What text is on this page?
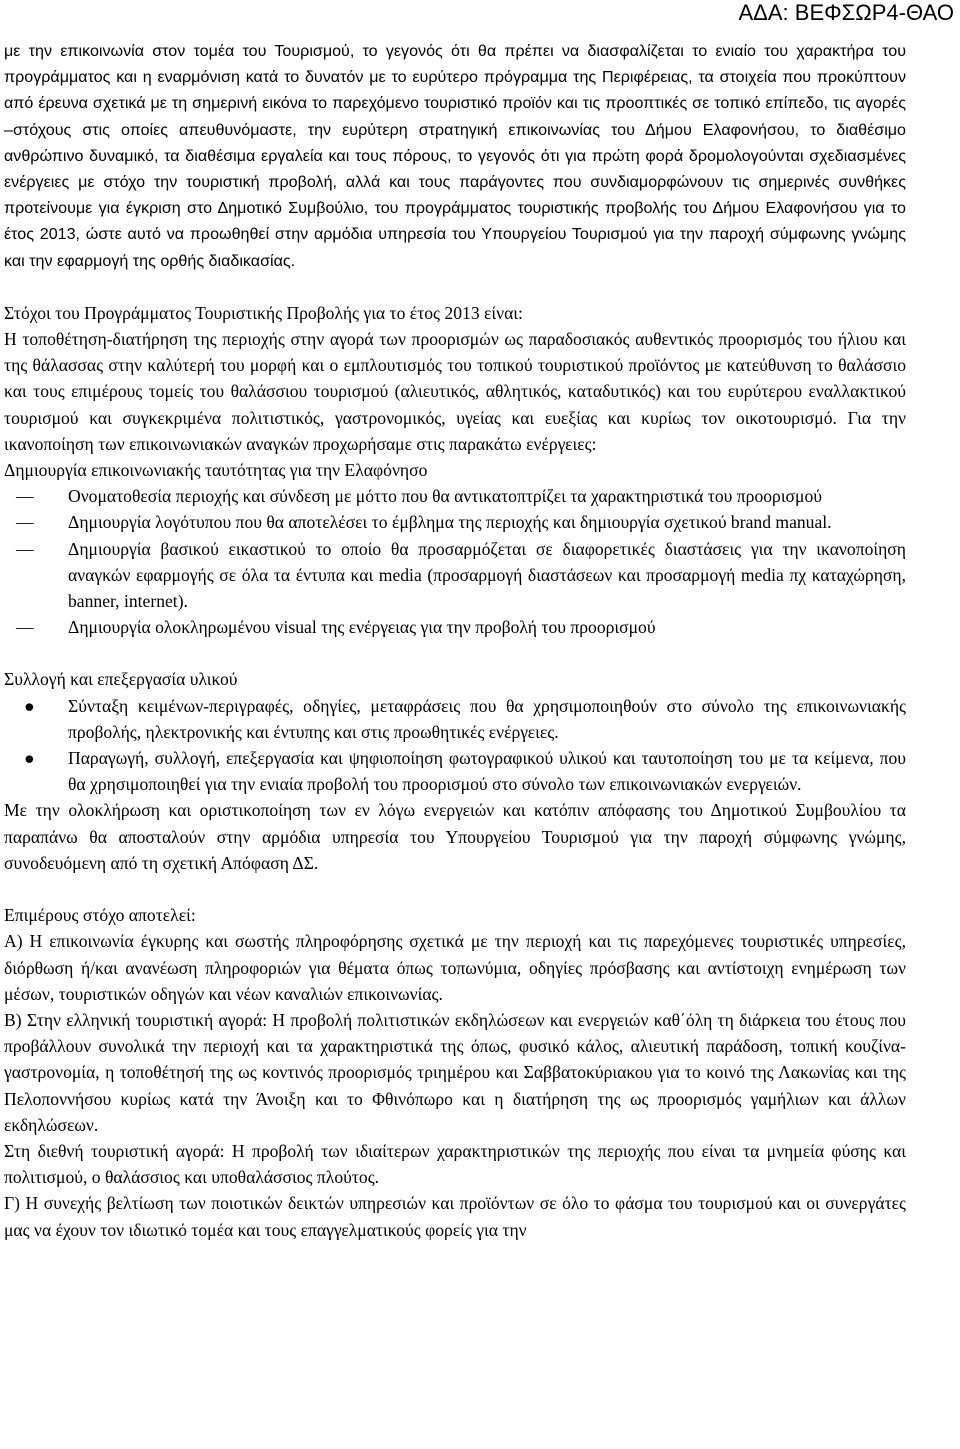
ΑΔΑ: ΒΕΦΣΩΡ4-ΘΑΟ

με την επικοινωνία στον τομέα του Τουρισμού, το γεγονός ότι θα πρέπει να διασφαλίζεται το ενιαίο του χαρακτήρα του προγράμματος και η εναρμόνιση κατά το δυνατόν με το ευρύτερο πρόγραμμα της Περιφέρειας, τα στοιχεία που προκύπτουν από έρευνα σχετικά με τη σημερινή εικόνα το παρεχόμενο τουριστικό προϊόν και τις προοπτικές σε τοπικό επίπεδο, τις αγορές –στόχους στις οποίες απευθυνόμαστε, την ευρύτερη στρατηγική επικοινωνίας του Δήμου Ελαφονήσου, το διαθέσιμο ανθρώπινο δυναμικό, τα διαθέσιμα εργαλεία και τους πόρους, το γεγονός ότι για πρώτη φορά δρομολογούνται σχεδιασμένες ενέργειες με στόχο την τουριστική προβολή, αλλά και τους παράγοντες που συνδιαμορφώνουν τις σημερινές συνθήκες προτείνουμε για έγκριση στο Δημοτικό Συμβούλιο, του προγράμματος τουριστικής προβολής του Δήμου Ελαφονήσου για το έτος 2013, ώστε αυτό να προωθηθεί στην αρμόδια υπηρεσία του Υπουργείου Τουρισμού για την παροχή σύμφωνης γνώμης και την εφαρμογή της ορθής διαδικασίας.

Στόχοι του Προγράμματος Τουριστικής Προβολής για το έτος 2013 είναι:

Η τοποθέτηση-διατήρηση της περιοχής στην αγορά των προορισμών ως παραδοσιακός αυθεντικός προορισμός του ήλιου και της θάλασσας στην καλύτερή του μορφή και ο εμπλουτισμός του τοπικού τουριστικού προϊόντος με κατεύθυνση το θαλάσσιο και τους επιμέρους τομείς του θαλάσσιου τουρισμού (αλιευτικός, αθλητικός, καταδυτικός) και του ευρύτερου εναλλακτικού τουρισμού και συγκεκριμένα πολιτιστικός, γαστρονομικός, υγείας και ευεξίας και κυρίως τον οικοτουρισμό. Για την ικανοποίηση των επικοινωνιακών αναγκών προχωρήσαμε στις παρακάτω ενέργειες:

Δημιουργία επικοινωνιακής ταυτότητας για την Ελαφόνησο

—	Ονοματοθεσία περιοχής και σύνδεση με μόττο που θα αντικατοπτρίζει τα χαρακτηριστικά του προορισμού
—	Δημιουργία λογότυπου που θα αποτελέσει το έμβλημα της περιοχής και δημιουργία σχετικού brand manual.
—	Δημιουργία βασικού εικαστικού το οποίο θα προσαρμόζεται σε διαφορετικές διαστάσεις για την ικανοποίηση αναγκών εφαρμογής σε όλα τα έντυπα και media (προσαρμογή διαστάσεων και προσαρμογή media πχ καταχώρηση, banner, internet).
—	Δημιουργία ολοκληρωμένου visual της ενέργειας για την προβολή του προορισμού

Συλλογή και επεξεργασία υλικού

● Σύνταξη κειμένων-περιγραφές, οδηγίες, μεταφράσεις που θα χρησιμοποιηθούν στο σύνολο της επικοινωνιακής προβολής, ηλεκτρονικής και έντυπης και στις προωθητικές ενέργειες.
● Παραγωγή, συλλογή, επεξεργασία και ψηφιοποίηση φωτογραφικού υλικού και ταυτοποίηση του με τα κείμενα, που θα χρησιμοποιηθεί για την ενιαία προβολή του προορισμού στο σύνολο των επικοινωνιακών ενεργειών.

Με την ολοκλήρωση και οριστικοποίηση των εν λόγω ενεργειών και κατόπιν απόφασης του Δημοτικού Συμβουλίου τα παραπάνω θα αποσταλούν στην αρμόδια υπηρεσία του Υπουργείου Τουρισμού για την παροχή σύμφωνης γνώμης, συνοδευόμενη από τη σχετική Απόφαση ΔΣ.

Επιμέρους στόχο αποτελεί:

Α) Η επικοινωνία έγκυρης και σωστής πληροφόρησης σχετικά με την περιοχή και τις παρεχόμενες τουριστικές υπηρεσίες, διόρθωση ή/και ανανέωση πληροφοριών για θέματα όπως τοπωνύμια, οδηγίες πρόσβασης και αντίστοιχη ενημέρωση των μέσων, τουριστικών οδηγών και νέων καναλιών επικοινωνίας.

Β) Στην ελληνική τουριστική αγορά: Η προβολή πολιτιστικών εκδηλώσεων και ενεργειών καθ΄όλη τη διάρκεια του έτους που προβάλλουν συνολικά την περιοχή και τα χαρακτηριστικά της όπως, φυσικό κάλος, αλιευτική παράδοση, τοπική κουζίνα-γαστρονομία, η τοποθέτησή της ως κοντινός προορισμός τριημέρου και Σαββατοκύριακου για το κοινό της Λακωνίας και της Πελοποννήσου κυρίως κατά την Άνοιξη και το Φθινόπωρο και η διατήρηση της ως προορισμός γαμήλιων και άλλων εκδηλώσεων.

Στη διεθνή τουριστική αγορά: Η προβολή των ιδιαίτερων χαρακτηριστικών της περιοχής που είναι τα μνημεία φύσης και πολιτισμού, ο θαλάσσιος και υποθαλάσσιος πλούτος.

Γ) Η συνεχής βελτίωση των ποιοτικών δεικτών υπηρεσιών και προϊόντων σε όλο το φάσμα του τουρισμού και οι συνεργάτες μας να έχουν τον ιδιωτικό τομέα και τους επαγγελματικούς φορείς για την
